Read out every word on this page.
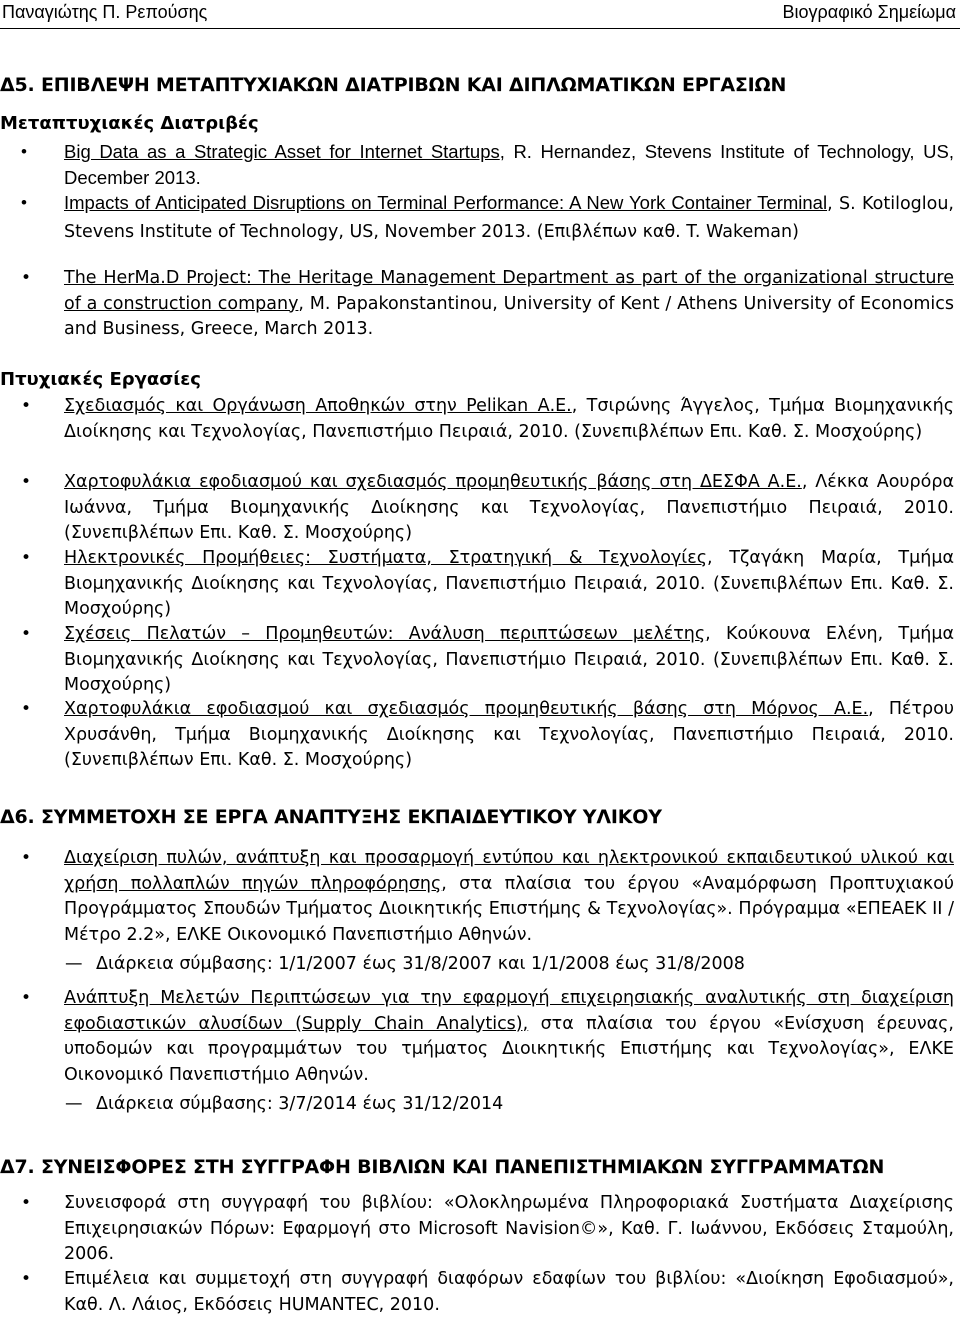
Παναγιώτης Π. Ρεπούσης	Βιογραφικό Σημείωμα
Δ5. ΕΠΙΒΛΕΨΗ ΜΕΤΑΠΤΥΧΙΑΚΩΝ ΔΙΑΤΡΙΒΩΝ ΚΑΙ ΔΙΠΛΩΜΑΤΙΚΩΝ ΕΡΓΑΣΙΩΝ
Μεταπτυχιακές Διατριβές
• Big Data as a Strategic Asset for Internet Startups, R. Hernandez, Stevens Institute of Technology, US, December 2013.
• Impacts of Anticipated Disruptions on Terminal Performance: A New York Container Terminal, S. Kotiloglou, Stevens Institute of Technology, US, November 2013. (Επιβλέπων καθ. T. Wakeman)
• The HerMa.D Project: The Heritage Management Department as part of the organizational structure of a construction company, M. Papakonstantinou, University of Kent / Athens University of Economics and Business, Greece, March 2013.
Πτυχιακές Εργασίες
• Σχεδιασμός και Οργάνωση Αποθηκών στην Pelikan Α.Ε., Τσιρώνης Άγγελος, Τμήμα Βιομηχανικής Διοίκησης και Τεχνολογίας, Πανεπιστήμιο Πειραιά, 2010. (Συνεπιβλέπων Επι. Καθ. Σ. Μοσχούρης)
• Χαρτοφυλάκια εφοδιασμού και σχεδιασμός προμηθευτικής βάσης στη ΔΕΣΦΑ Α.Ε., Λέκκα Αουρόρα Ιωάννα, Τμήμα Βιομηχανικής Διοίκησης και Τεχνολογίας, Πανεπιστήμιο Πειραιά, 2010. (Συνεπιβλέπων Επι. Καθ. Σ. Μοσχούρης)
• Ηλεκτρονικές Προμήθειες: Συστήματα, Στρατηγική & Τεχνολογίες, Τζαγάκη Μαρία, Τμήμα Βιομηχανικής Διοίκησης και Τεχνολογίας, Πανεπιστήμιο Πειραιά, 2010. (Συνεπιβλέπων Επι. Καθ. Σ. Μοσχούρης)
• Σχέσεις Πελατών – Προμηθευτών: Ανάλυση περιπτώσεων μελέτης, Κούκουνα Ελένη, Τμήμα Βιομηχανικής Διοίκησης και Τεχνολογίας, Πανεπιστήμιο Πειραιά, 2010. (Συνεπιβλέπων Επι. Καθ. Σ. Μοσχούρης)
• Χαρτοφυλάκια εφοδιασμού και σχεδιασμός προμηθευτικής βάσης στη Μόρνος Α.Ε., Πέτρου Χρυσάνθη, Τμήμα Βιομηχανικής Διοίκησης και Τεχνολογίας, Πανεπιστήμιο Πειραιά, 2010. (Συνεπιβλέπων Επι. Καθ. Σ. Μοσχούρης)
Δ6. ΣΥΜΜΕΤΟΧΗ ΣΕ ΕΡΓΑ ΑΝΑΠΤΥΞΗΣ ΕΚΠΑΙΔΕΥΤΙΚΟΥ ΥΛΙΚΟΥ
• Διαχείριση πυλών, ανάπτυξη και προσαρμογή εντύπου και ηλεκτρονικού εκπαιδευτικού υλικού και χρήση πολλαπλών πηγών πληροφόρησης, στα πλαίσια του έργου «Αναμόρφωση Προπτυχιακού Προγράμματος Σπουδών Τμήματος Διοικητικής Επιστήμης & Τεχνολογίας». Πρόγραμμα «ΕΠΕΑΕΚ ΙΙ / Μέτρο 2.2», ΕΛΚΕ Οικονομικό Πανεπιστήμιο Αθηνών.
— Διάρκεια σύμβασης: 1/1/2007 έως 31/8/2007 και 1/1/2008 έως 31/8/2008
• Ανάπτυξη Μελετών Περιπτώσεων για την εφαρμογή επιχειρησιακής αναλυτικής στη διαχείριση εφοδιαστικών αλυσίδων (Supply Chain Analytics), στα πλαίσια του έργου «Ενίσχυση έρευνας, υποδομών και προγραμμάτων του τμήματος Διοικητικής Επιστήμης και Τεχνολογίας», ΕΛΚΕ Οικονομικό Πανεπιστήμιο Αθηνών.
— Διάρκεια σύμβασης: 3/7/2014 έως 31/12/2014
Δ7. ΣΥΝΕΙΣΦΟΡΕΣ ΣΤΗ ΣΥΓΓΡΑΦΗ ΒΙΒΛΙΩΝ ΚΑΙ ΠΑΝΕΠΙΣΤΗΜΙΑΚΩΝ ΣΥΓΓΡΑΜΜΑΤΩΝ
• Συνεισφορά στη συγγραφή του βιβλίου: «Ολοκληρωμένα Πληροφοριακά Συστήματα Διαχείρισης Επιχειρησιακών Πόρων: Εφαρμογή στο Microsoft Navision©», Καθ. Γ. Ιωάννου, Εκδόσεις Σταμούλη, 2006.
• Επιμέλεια και συμμετοχή στη συγγραφή διαφόρων εδαφίων του βιβλίου: «Διοίκηση Εφοδιασμού», Καθ. Λ. Λάιος, Εκδόσεις HUMANTEC, 2010.
